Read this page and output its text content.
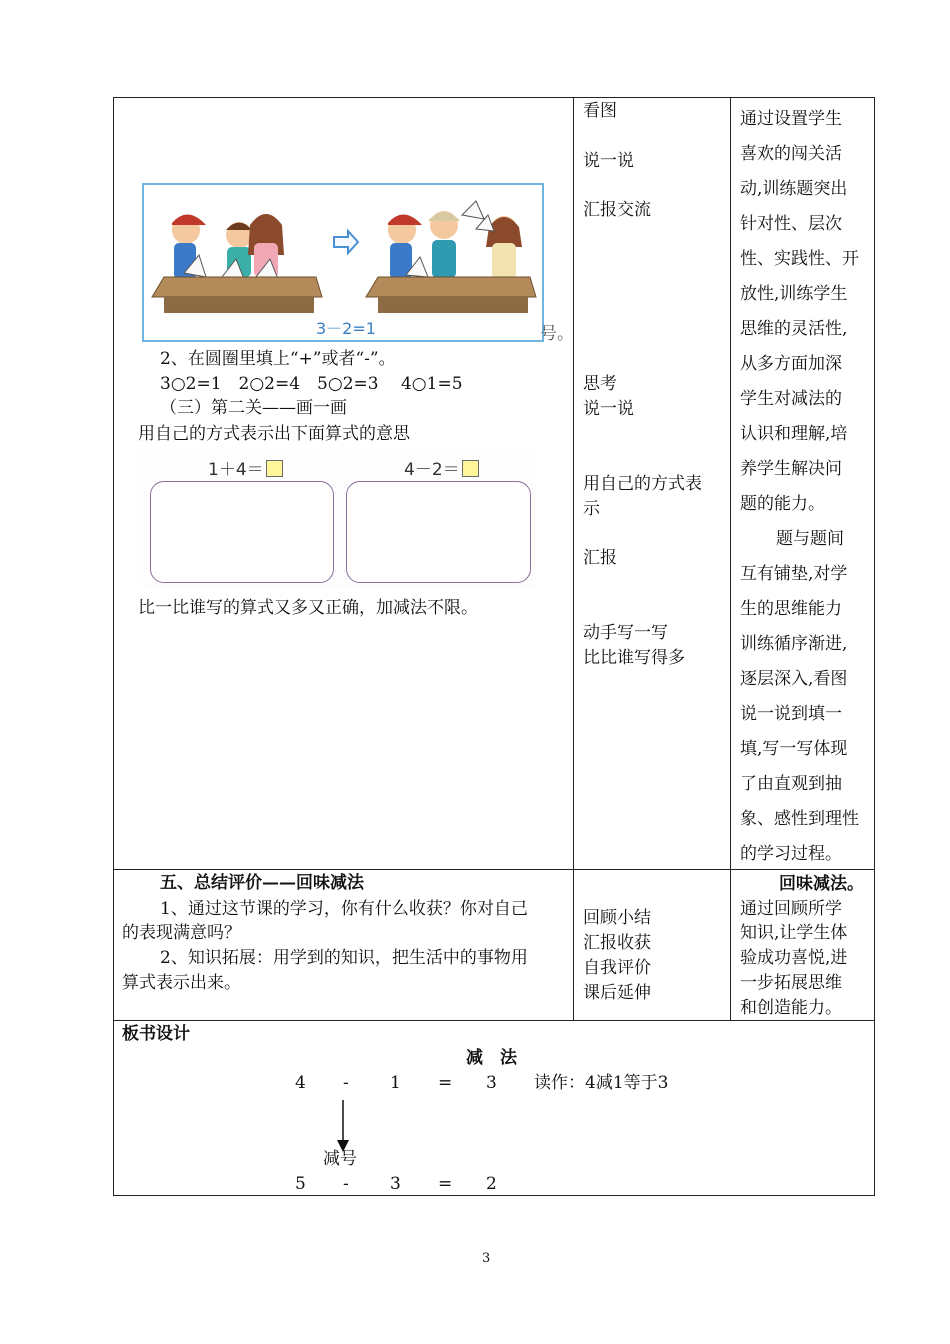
3－2=1	号。
2、在圆圈里填上“+”或者“-”。
3○2=1　2○2=4　5○2=3　 4○1=5
（三）第二关——画一画
用自己的方式表示出下面算式的意思
1＋4＝	4－2＝
比一比谁写的算式又多又正确，加减法不限。
看图
说一说
汇报交流
思考
说一说
用自己的方式表
示
汇报
动手写一写
比比谁写得多
通过设置学生
喜欢的闯关活
动,训练题突出
针对性、层次
性、实践性、开
放性,训练学生
思维的灵活性,
从多方面加深
学生对减法的
认识和理解,培
养学生解决问
题的能力。
题与题间
互有铺垫,对学
生的思维能力
训练循序渐进,
逐层深入,看图
说一说到填一
填,写一写体现
了由直观到抽
象、感性到理性
的学习过程。
五、总结评价——回味减法
1、通过这节课的学习，你有什么收获？你对自己
的表现满意吗？
2、知识拓展：用学到的知识，把生活中的事物用
算式表示出来。
回顾小结
汇报收获
自我评价
课后延伸
回味减法。
通过回顾所学
知识,让学生体
验成功喜悦,进
一步拓展思维
和创造能力。
板书设计
减　法
4 - 1 = 3 读作：4减1等于3
减号
5 - 3 = 2
3
